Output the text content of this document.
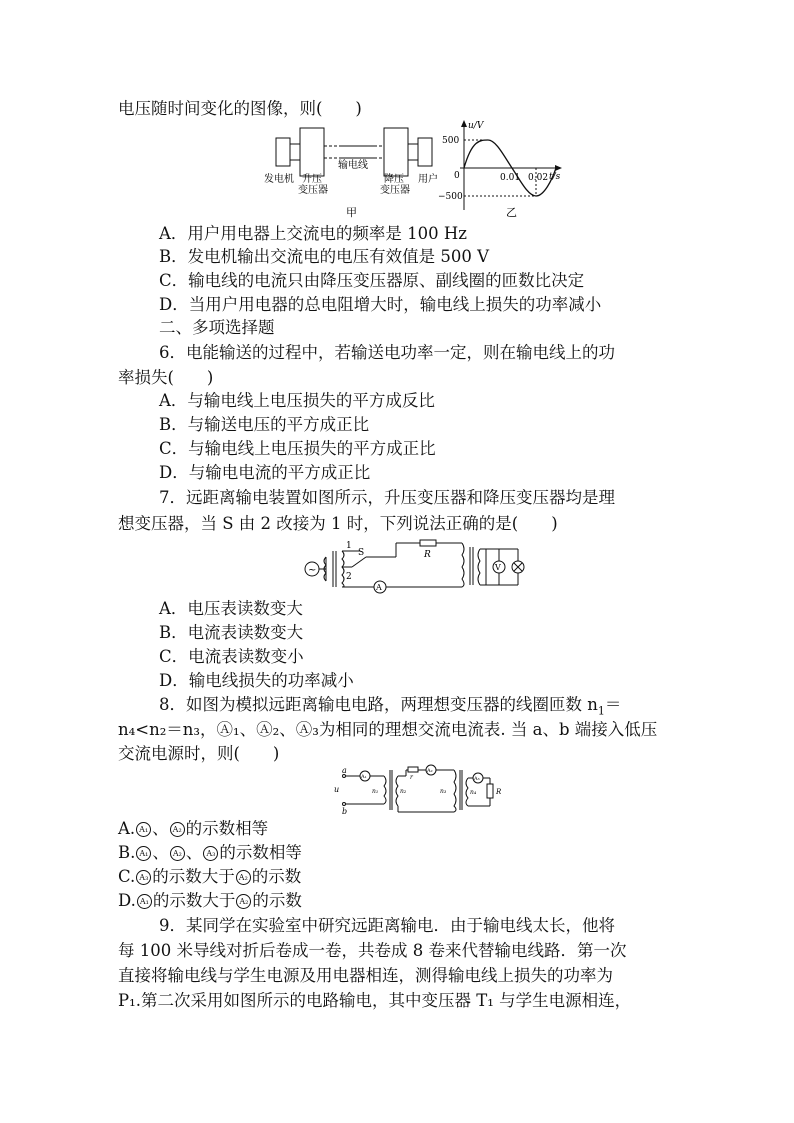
电压随时间变化的图像，则(　　)
发电机 升压
变压器
输电线
降压
变压器
用户
甲
u/V
500
−500
0	0.01 0.02 t/s
乙
A．用户用电器上交流电的频率是 100 Hz
B．发电机输出交流电的电压有效值是 500 V
C．输电线的电流只由降压变压器原、副线圈的匝数比决定
D．当用户用电器的总电阻增大时，输电线上损失的功率减小
二、多项选择题
6．电能输送的过程中，若输送电功率一定，则在输电线上的功
率损失(　　)
A．与输电线上电压损失的平方成反比
B．与输送电压的平方成正比
C．与输电线上电压损失的平方成正比
D．与输电电流的平方成正比
7．远距离输电装置如图所示，升压变压器和降压变压器均是理
想变压器，当 S 由 2 改接为 1 时，下列说法正确的是(　　)
~
1
2
S	R
A
V
A．电压表读数变大
B．电流表读数变大
C．电流表读数变小
D．输电线损失的功率减小
8．如图为模拟远距离输电电路，两理想变压器的线圈匝数 $n_1=$
n₄<n₂＝n₃，Ⓐ₁、Ⓐ₂、Ⓐ₃为相同的理想交流电流表. 当 a、b 端接入低压
交流电源时，则(　　)
a
u
b
A₁
n₁	n₂
r
A₂
n₃	n₄
A₃
R
A. A₁ 、 A₂ 的示数相等
B. A₁ 、 A₂ 、 A₃ 的示数相等
C. A₃ 的示数大于 A₂ 的示数
D. A₁ 的示数大于 A₂ 的示数
9．某同学在实验室中研究远距离输电．由于输电线太长，他将
每 100 米导线对折后卷成一卷，共卷成 8 卷来代替输电线路．第一次
直接将输电线与学生电源及用电器相连，测得输电线上损失的功率为
P₁.第二次采用如图所示的电路输电，其中变压器 T₁ 与学生电源相连，
